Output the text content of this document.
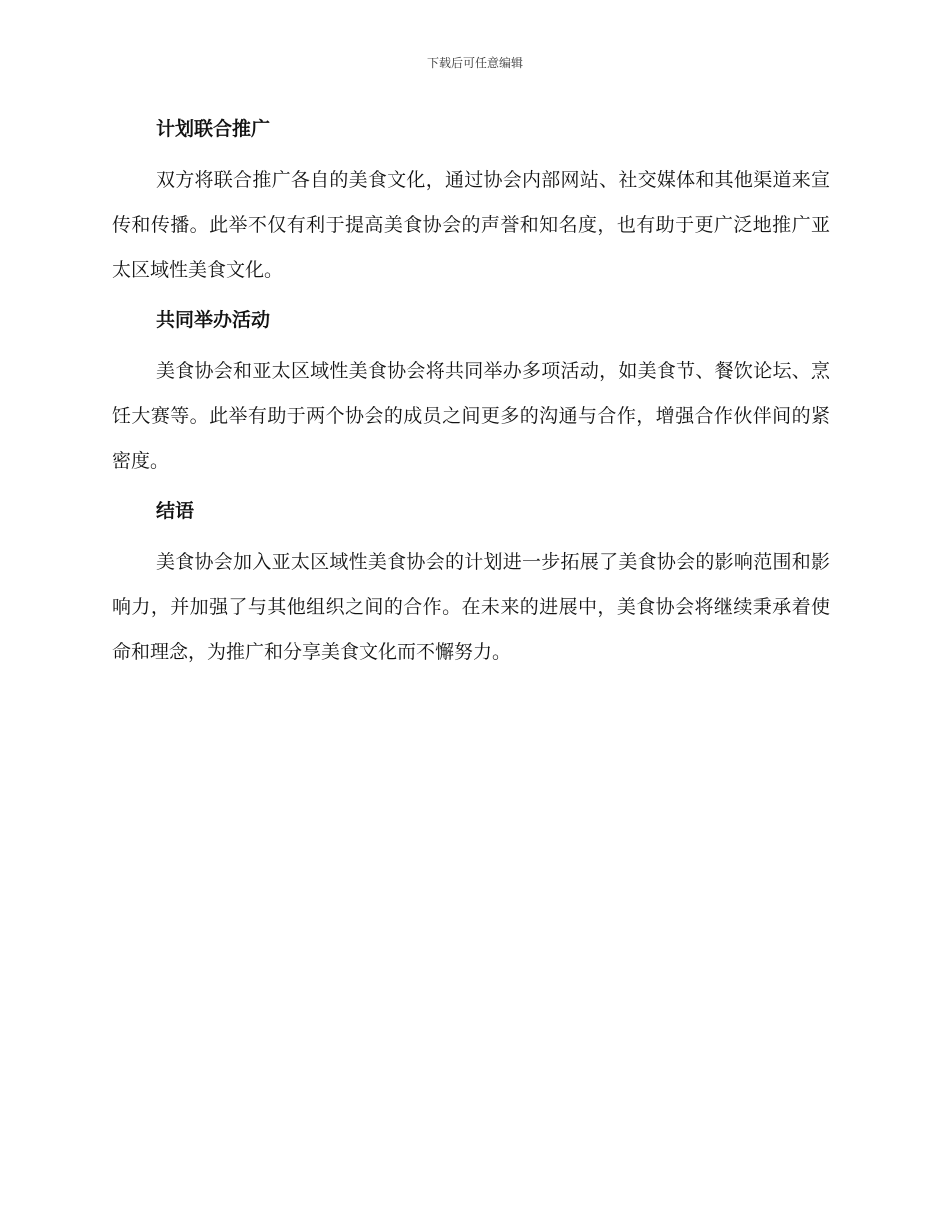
下载后可任意编辑
计划联合推广

双方将联合推广各自的美食文化，通过协会内部网站、社交媒体和其他渠道来宣传和传播。此举不仅有利于提高美食协会的声誉和知名度，也有助于更广泛地推广亚太区域性美食文化。

共同举办活动

美食协会和亚太区域性美食协会将共同举办多项活动，如美食节、餐饮论坛、烹饪大赛等。此举有助于两个协会的成员之间更多的沟通与合作，增强合作伙伴间的紧密度。

结语

美食协会加入亚太区域性美食协会的计划进一步拓展了美食协会的影响范围和影响力，并加强了与其他组织之间的合作。在未来的进展中，美食协会将继续秉承着使命和理念，为推广和分享美食文化而不懈努力。
